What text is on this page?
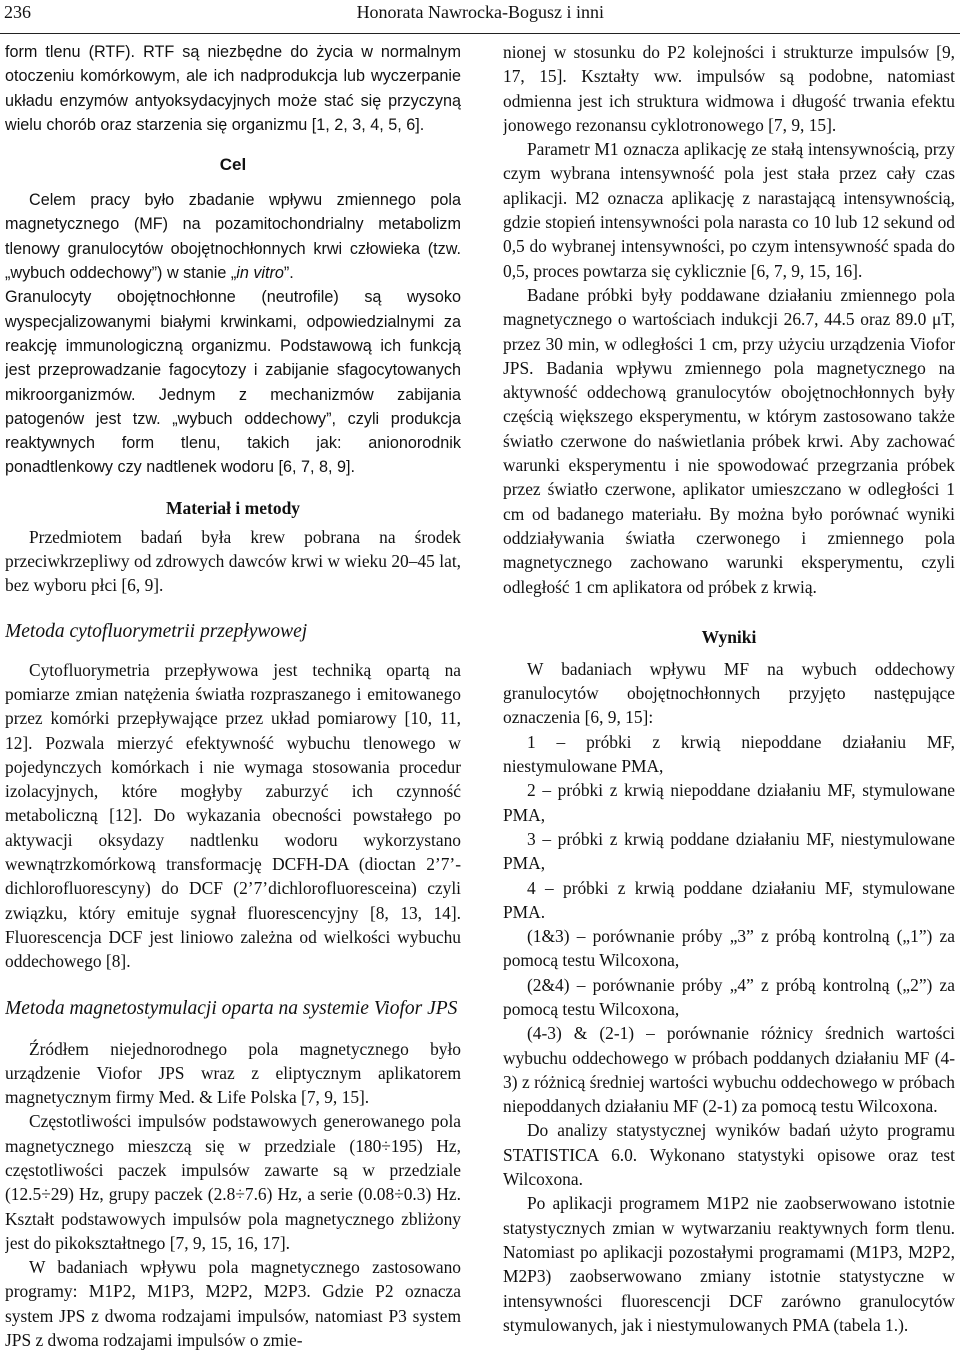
236	Honorata Nawrocka-Bogusz i inni

form tlenu (RTF). RTF są niezbędne do życia w normalnym otoczeniu komórkowym, ale ich nadprodukcja lub wyczerpanie układu enzymów antyoksydacyjnych może stać się przyczyną wielu chorób oraz starzenia się organizmu [1, 2, 3, 4, 5, 6].

Cel

Celem pracy było zbadanie wpływu zmiennego pola magnetycznego (MF) na pozamitochondrialny metabolizm tlenowy granulocytów obojętnochłonnych krwi człowieka (tzw. „wybuch oddechowy”) w stanie „in vitro”.

Granulocyty obojętnochłonne (neutrofile) są wysoko wyspecjalizowanymi białymi krwinkami, odpowiedzialnymi za reakcję immunologiczną organizmu. Podstawową ich funkcją jest przeprowadzanie fagocytozy i zabijanie sfagocytowanych mikroorganizmów. Jednym z mechanizmów zabijania patogenów jest tzw. „wybuch oddechowy”, czyli produkcja reaktywnych form tlenu, takich jak: anionorodnik ponadtlenkowy czy nadtlenek wodoru [6, 7, 8, 9].

Materiał i metody

Przedmiotem badań była krew pobrana na środek przeciwkrzepliwy od zdrowych dawców krwi w wieku 20–45 lat, bez wyboru płci [6, 9].

Metoda cytofluorymetrii przepływowej

Cytofluorymetria przepływowa jest techniką opartą na pomiarze zmian natężenia światła rozpraszanego i emitowanego przez komórki przepływające przez układ pomiarowy [10, 11, 12]. Pozwala mierzyć efektywność wybuchu tlenowego w pojedynczych komórkach i nie wymaga stosowania procedur izolacyjnych, które mogłyby zaburzyć ich czynność metaboliczną [12]. Do wykazania obecności powstałego po aktywacji oksydazy nadtlenku wodoru wykorzystano wewnątrzkomórkową transformację DCFH-DA (dioctan 2’7’-dichlorofluorescyny) do DCF (2’7’dichlorofluoresceina) czyli związku, który emituje sygnał fluorescencyjny [8, 13, 14]. Fluorescencja DCF jest liniowo zależna od wielkości wybuchu oddechowego [8].

Metoda magnetostymulacji oparta na systemie Viofor JPS

Źródłem niejednorodnego pola magnetycznego było urządzenie Viofor JPS wraz z eliptycznym aplikatorem magnetycznym firmy Med. & Life Polska [7, 9, 15].

Częstotliwości impulsów podstawowych generowanego pola magnetycznego mieszczą się w przedziale (180÷195) Hz, częstotliwości paczek impulsów zawarte są w przedziale (12.5÷29) Hz, grupy paczek (2.8÷7.6) Hz, a serie (0.08÷0.3) Hz. Kształt podstawowych impulsów pola magnetycznego zbliżony jest do pikokształtnego [7, 9, 15, 16, 17].

W badaniach wpływu pola magnetycznego zastosowano programy: M1P2, M1P3, M2P2, M2P3. Gdzie P2 oznacza system JPS z dwoma rodzajami impulsów, natomiast P3 system JPS z dwoma rodzajami impulsów o zmie-

nionej w stosunku do P2 kolejności i strukturze impulsów [9, 17, 15]. Kształty ww. impulsów są podobne, natomiast odmienna jest ich struktura widmowa i długość trwania efektu jonowego rezonansu cyklotronowego [7, 9, 15].

Parametr M1 oznacza aplikację ze stałą intensywnością, przy czym wybrana intensywność pola jest stała przez cały czas aplikacji. M2 oznacza aplikację z narastającą intensywnością, gdzie stopień intensywności pola narasta co 10 lub 12 sekund od 0,5 do wybranej intensywności, po czym intensywność spada do 0,5, proces powtarza się cyklicznie [6, 7, 9, 15, 16].

Badane próbki były poddawane działaniu zmiennego pola magnetycznego o wartościach indukcji 26.7, 44.5 oraz 89.0 μT, przez 30 min, w odległości 1 cm, przy użyciu urządzenia Viofor JPS. Badania wpływu zmiennego pola magnetycznego na aktywność oddechową granulocytów obojętnochłonnych były częścią większego eksperymentu, w którym zastosowano także światło czerwone do naświetlania próbek krwi. Aby zachować warunki eksperymentu i nie spowodować przegrzania próbek przez światło czerwone, aplikator umieszczano w odległości 1 cm od badanego materiału. By można było porównać wyniki oddziaływania światła czerwonego i zmiennego pola magnetycznego zachowano warunki eksperymentu, czyli odległość 1 cm aplikatora od próbek z krwią.

Wyniki

W badaniach wpływu MF na wybuch oddechowy granulocytów obojętnochłonnych przyjęto następujące oznaczenia [6, 9, 15]:

1 – próbki z krwią niepoddane działaniu MF, niestymulowane PMA,

2 – próbki z krwią niepoddane działaniu MF, stymulowane PMA,

3 – próbki z krwią poddane działaniu MF, niestymulowane PMA,

4 – próbki z krwią poddane działaniu MF, stymulowane PMA.

(1&3) – porównanie próby „3” z próbą kontrolną („1”) za pomocą testu Wilcoxona,

(2&4) – porównanie próby „4” z próbą kontrolną („2”) za pomocą testu Wilcoxona,

(4-3) & (2-1) – porównanie różnicy średnich wartości wybuchu oddechowego w próbach poddanych działaniu MF (4-3) z różnicą średniej wartości wybuchu oddechowego w próbach niepoddanych działaniu MF (2-1) za pomocą testu Wilcoxona.

Do analizy statystycznej wyników badań użyto programu STATISTICA 6.0. Wykonano statystyki opisowe oraz test Wilcoxona.

Po aplikacji programem M1P2 nie zaobserwowano istotnie statystycznych zmian w wytwarzaniu reaktywnych form tlenu. Natomiast po aplikacji pozostałymi programami (M1P3, M2P2, M2P3) zaobserwowano zmiany istotnie statystyczne w intensywności fluorescencji DCF zarówno granulocytów stymulowanych, jak i niestymulowanych PMA (tabela 1.).
